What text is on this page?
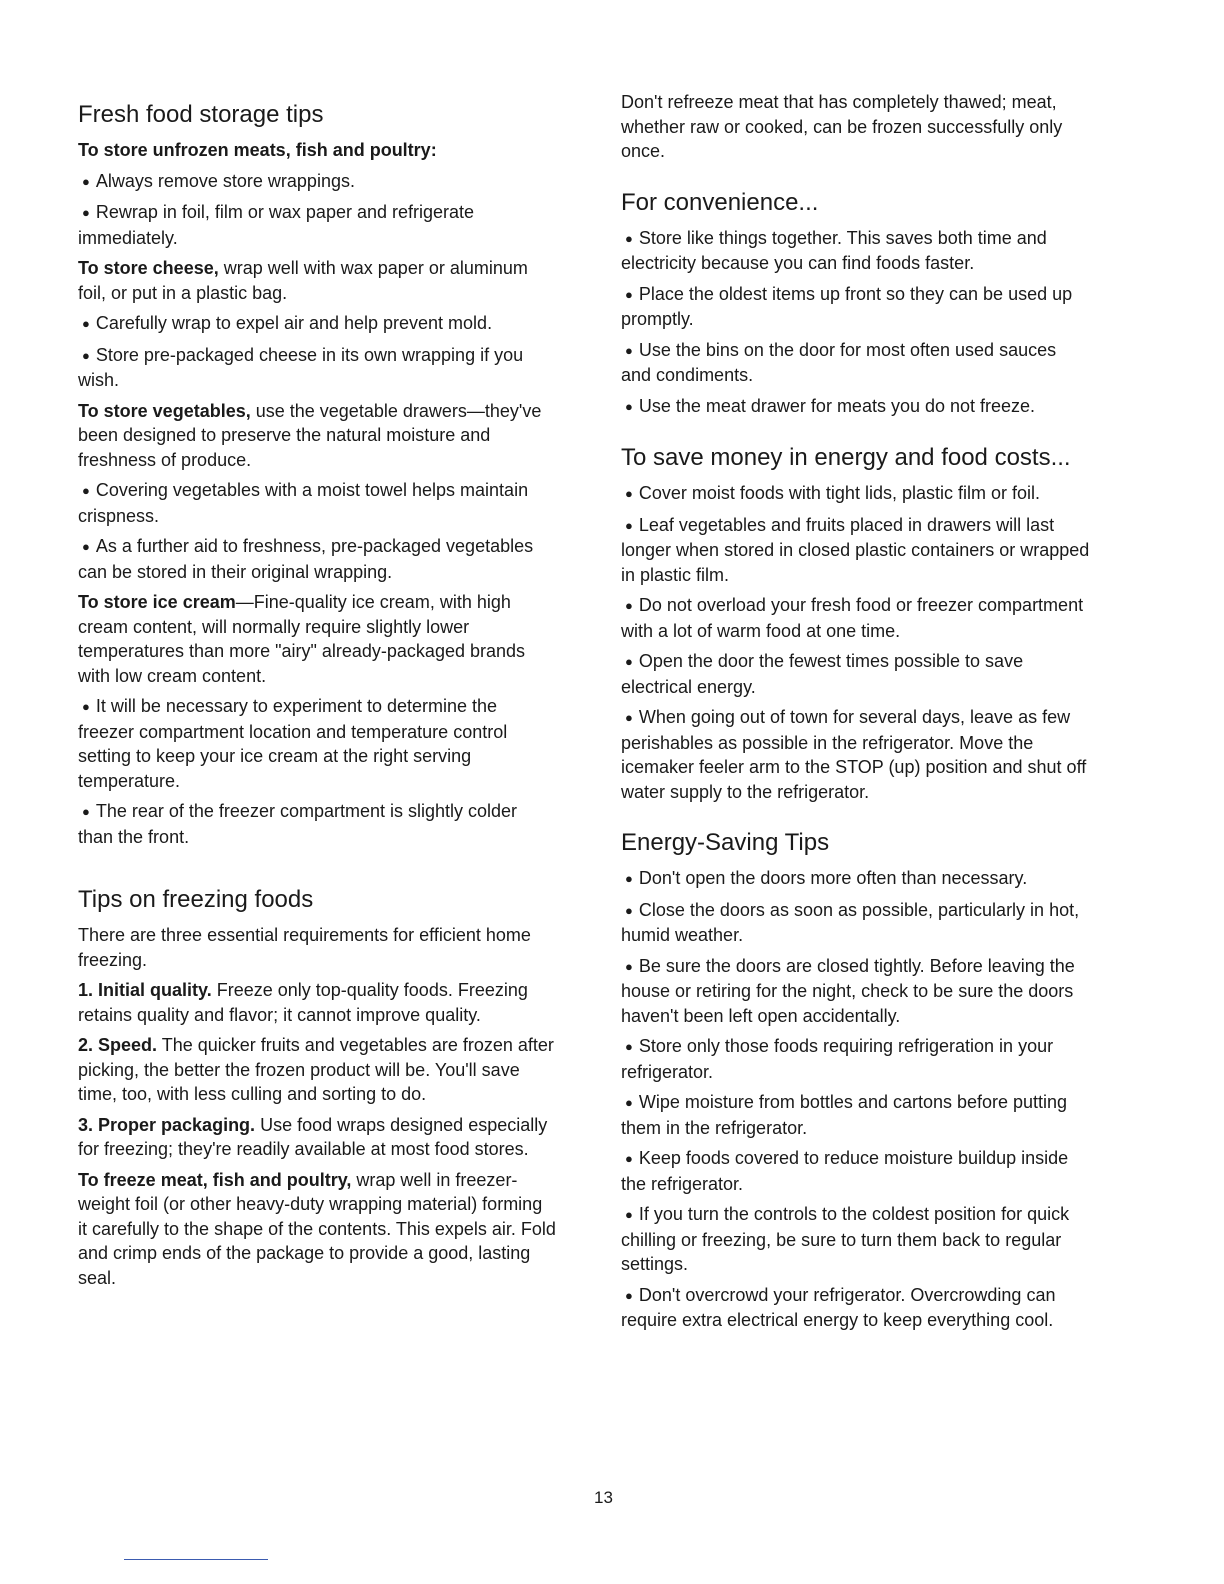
Fresh food storage tips
To store unfrozen meats, fish and poultry:
● Always remove store wrappings.
● Rewrap in foil, film or wax paper and refrigerate immediately.
To store cheese, wrap well with wax paper or aluminum foil, or put in a plastic bag.
● Carefully wrap to expel air and help prevent mold.
● Store pre-packaged cheese in its own wrapping if you wish.
To store vegetables, use the vegetable drawers—they've been designed to preserve the natural moisture and freshness of produce.
● Covering vegetables with a moist towel helps maintain crispness.
● As a further aid to freshness, pre-packaged vegetables can be stored in their original wrapping.
To store ice cream—Fine-quality ice cream, with high cream content, will normally require slightly lower temperatures than more "airy" already-packaged brands with low cream content.
● It will be necessary to experiment to determine the freezer compartment location and temperature control setting to keep your ice cream at the right serving temperature.
● The rear of the freezer compartment is slightly colder than the front.
Tips on freezing foods
There are three essential requirements for efficient home freezing.
1. Initial quality. Freeze only top-quality foods. Freezing retains quality and flavor; it cannot improve quality.
2. Speed. The quicker fruits and vegetables are frozen after picking, the better the frozen product will be. You'll save time, too, with less culling and sorting to do.
3. Proper packaging. Use food wraps designed especially for freezing; they're readily available at most food stores.
To freeze meat, fish and poultry, wrap well in freezer-weight foil (or other heavy-duty wrapping material) forming it carefully to the shape of the contents. This expels air. Fold and crimp ends of the package to provide a good, lasting seal.
Don't refreeze meat that has completely thawed; meat, whether raw or cooked, can be frozen successfully only once.
For convenience...
● Store like things together. This saves both time and electricity because you can find foods faster.
● Place the oldest items up front so they can be used up promptly.
● Use the bins on the door for most often used sauces and condiments.
● Use the meat drawer for meats you do not freeze.
To save money in energy and food costs...
● Cover moist foods with tight lids, plastic film or foil.
● Leaf vegetables and fruits placed in drawers will last longer when stored in closed plastic containers or wrapped in plastic film.
● Do not overload your fresh food or freezer compartment with a lot of warm food at one time.
● Open the door the fewest times possible to save electrical energy.
● When going out of town for several days, leave as few perishables as possible in the refrigerator. Move the icemaker feeler arm to the STOP (up) position and shut off water supply to the refrigerator.
Energy-Saving Tips
● Don't open the doors more often than necessary.
● Close the doors as soon as possible, particularly in hot, humid weather.
● Be sure the doors are closed tightly. Before leaving the house or retiring for the night, check to be sure the doors haven't been left open accidentally.
● Store only those foods requiring refrigeration in your refrigerator.
● Wipe moisture from bottles and cartons before putting them in the refrigerator.
● Keep foods covered to reduce moisture buildup inside the refrigerator.
● If you turn the controls to the coldest position for quick chilling or freezing, be sure to turn them back to regular settings.
● Don't overcrowd your refrigerator. Overcrowding can require extra electrical energy to keep everything cool.
13
